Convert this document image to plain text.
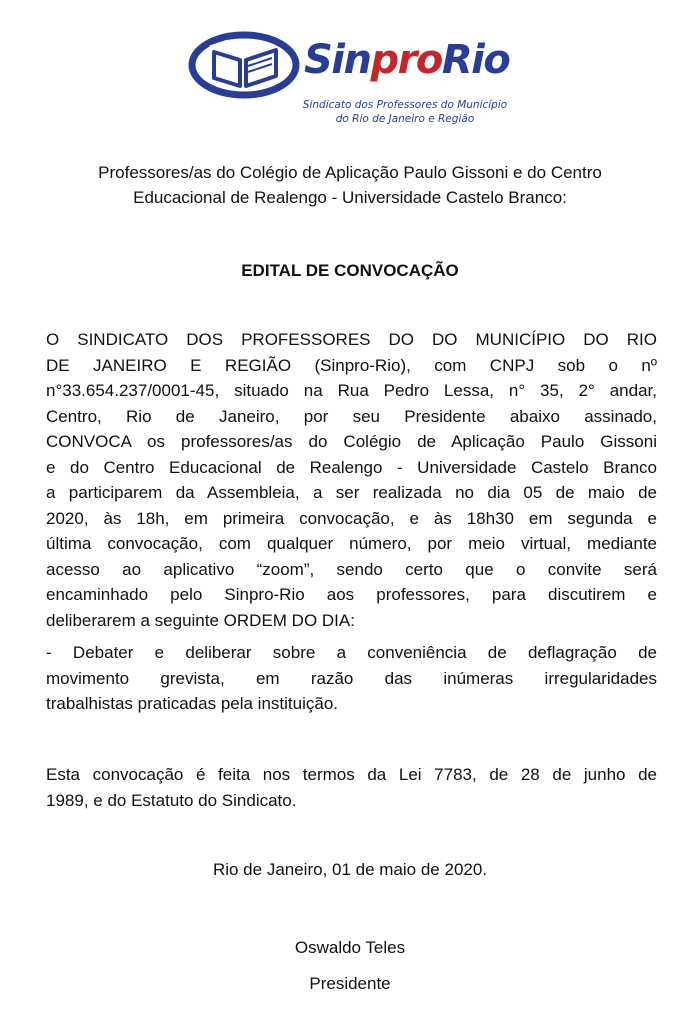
SinproRio
Sindicato dos Professores do Município
do Rio de Janeiro e Região
Professores/as do Colégio de Aplicação Paulo Gissoni e do Centro
Educacional de Realengo - Universidade Castelo Branco:
EDITAL DE CONVOCAÇÃO
O SINDICATO DOS PROFESSORES DO DO MUNICÍPIO DO RIO
DE JANEIRO E REGIÃO (Sinpro-Rio), com CNPJ sob o nº
n°33.654.237/0001-45, situado na Rua Pedro Lessa, n° 35, 2° andar,
Centro, Rio de Janeiro, por seu Presidente abaixo assinado,
CONVOCA os professores/as do Colégio de Aplicação Paulo Gissoni
e do Centro Educacional de Realengo - Universidade Castelo Branco
a participarem da Assembleia, a ser realizada no dia 05 de maio de
2020, às 18h, em primeira convocação, e às 18h30 em segunda e
última convocação, com qualquer número, por meio virtual, mediante
acesso ao aplicativo “zoom”, sendo certo que o convite será
encaminhado pelo Sinpro-Rio aos professores, para discutirem e
deliberarem a seguinte ORDEM DO DIA:
- Debater e deliberar sobre a conveniência de deflagração de
movimento grevista, em razão das inúmeras irregularidades
trabalhistas praticadas pela instituição.
Esta convocação é feita nos termos da Lei 7783, de 28 de junho de
1989, e do Estatuto do Sindicato.
Rio de Janeiro, 01 de maio de 2020.
Oswaldo Teles
Presidente
